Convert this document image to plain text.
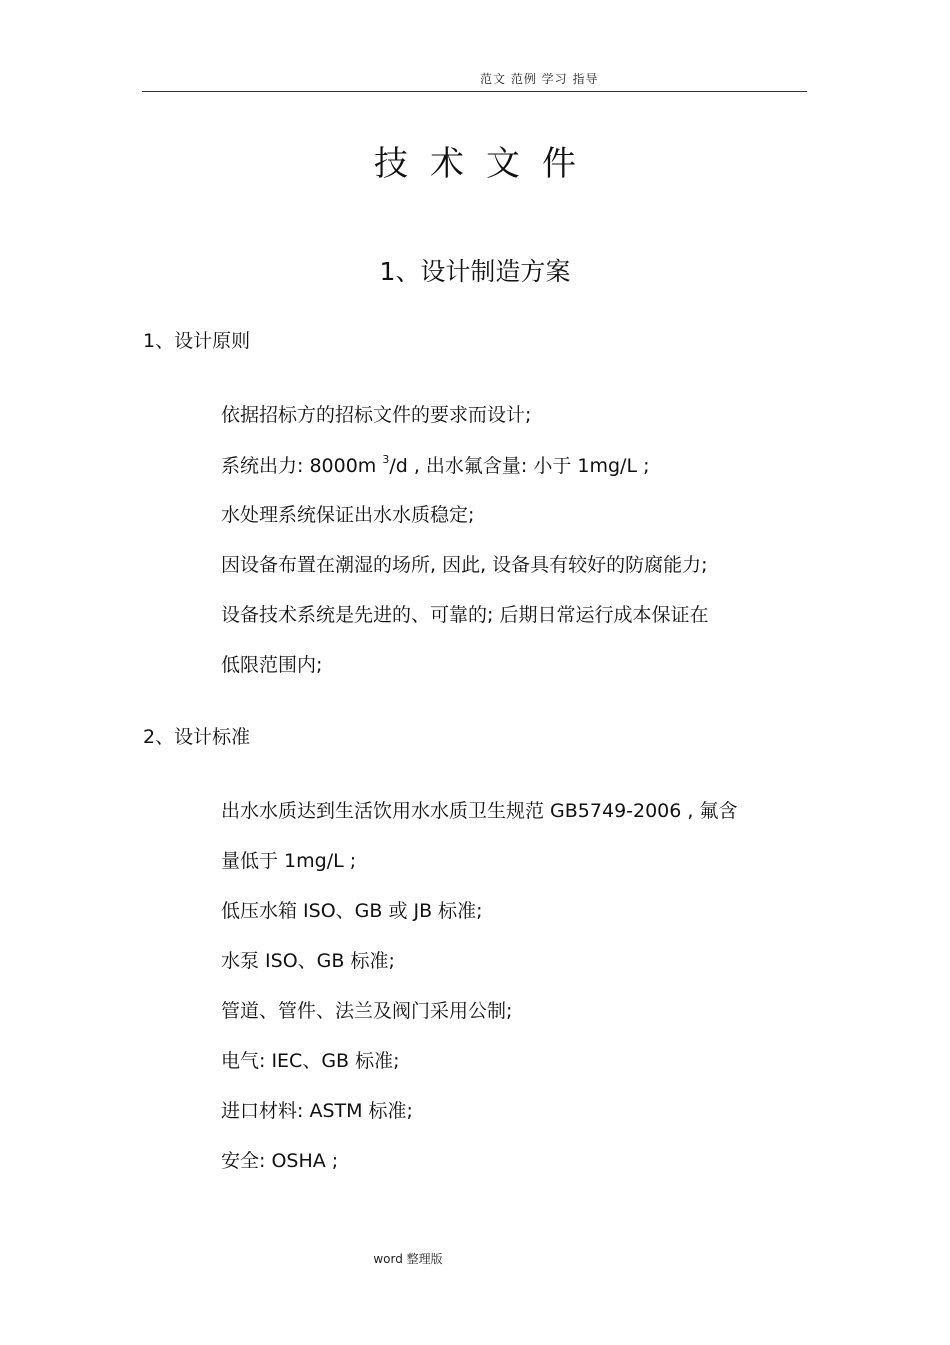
范文 范例 学习 指导
技术文件
1、设计制造方案
1、设计原则
依据招标方的招标文件的要求而设计;
系统出力: 8000m $^3$/d , 出水氟含量: 小于 1mg/L ;
水处理系统保证出水水质稳定;
因设备布置在潮湿的场所, 因此, 设备具有较好的防腐能力;
设备技术系统是先进的、可靠的; 后期日常运行成本保证在
低限范围内;
2、设计标准
出水水质达到生活饮用水水质卫生规范 GB5749-2006 , 氟含
量低于 1mg/L ;
低压水箱 ISO、GB 或 JB 标准;
水泵 ISO、GB 标准;
管道、管件、法兰及阀门采用公制;
电气: IEC、GB 标准;
进口材料: ASTM 标准;
安全: OSHA ;
word 整理版
